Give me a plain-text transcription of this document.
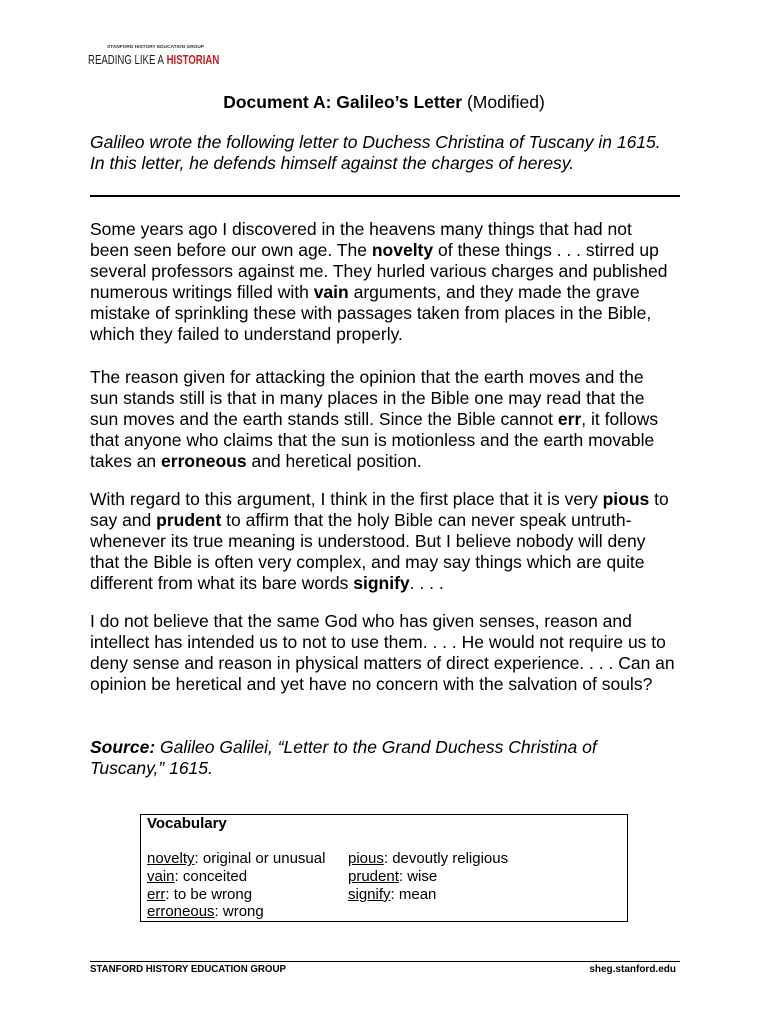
STANFORD HISTORY EDUCATION GROUP
READING LIKE A HISTORIAN
Document A: Galileo’s Letter (Modified)
Galileo wrote the following letter to Duchess Christina of Tuscany in 1615.
In this letter, he defends himself against the charges of heresy.
Some years ago I discovered in the heavens many things that had not
been seen before our own age. The novelty of these things . . . stirred up
several professors against me. They hurled various charges and published
numerous writings filled with vain arguments, and they made the grave
mistake of sprinkling these with passages taken from places in the Bible,
which they failed to understand properly.
The reason given for attacking the opinion that the earth moves and the
sun stands still is that in many places in the Bible one may read that the
sun moves and the earth stands still. Since the Bible cannot err, it follows
that anyone who claims that the sun is motionless and the earth movable
takes an erroneous and heretical position.
With regard to this argument, I think in the first place that it is very pious to
say and prudent to affirm that the holy Bible can never speak untruth-
whenever its true meaning is understood. But I believe nobody will deny
that the Bible is often very complex, and may say things which are quite
different from what its bare words signify. . . .
I do not believe that the same God who has given senses, reason and
intellect has intended us to not to use them. . . . He would not require us to
deny sense and reason in physical matters of direct experience. . . . Can an
opinion be heretical and yet have no concern with the salvation of souls?
Source: Galileo Galilei, “Letter to the Grand Duchess Christina of
Tuscany,” 1615.
Vocabulary
novelty: original or unusual
vain: conceited
err: to be wrong
erroneous: wrong
pious: devoutly religious
prudent: wise
signify: mean
STANFORD HISTORY EDUCATION GROUP	sheg.stanford.edu
